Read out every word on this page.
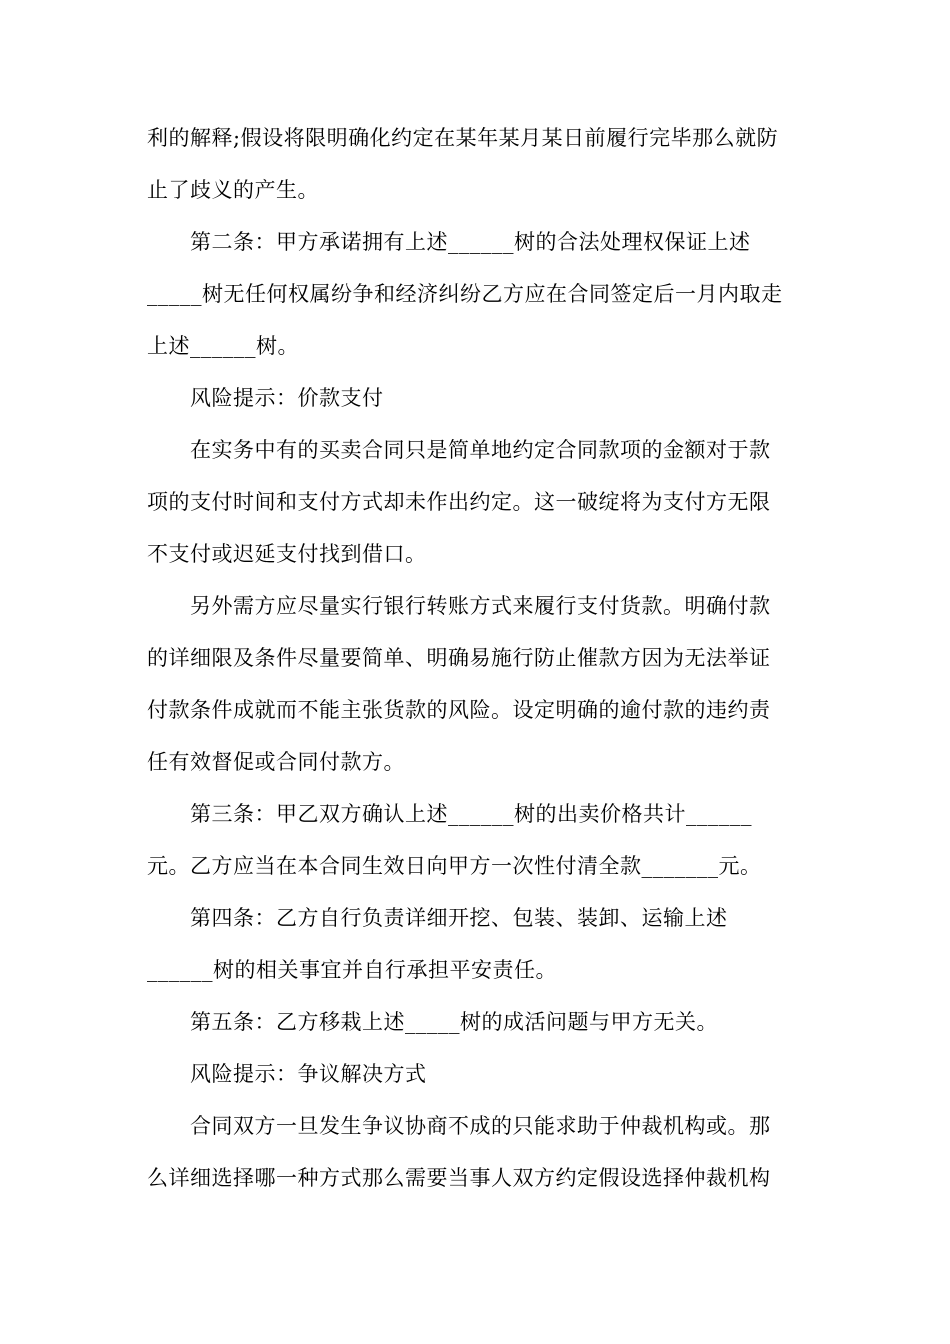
利的解释;假设将限明确化约定在某年某月某日前履行完毕那么就防
止了歧义的产生。
第二条：甲方承诺拥有上述______树的合法处理权保证上述
_____树无任何权属纷争和经济纠纷乙方应在合同签定后一月内取走
上述______树。
风险提示：价款支付
在实务中有的买卖合同只是简单地约定合同款项的金额对于款
项的支付时间和支付方式却未作出约定。这一破绽将为支付方无限
不支付或迟延支付找到借口。
另外需方应尽量实行银行转账方式来履行支付货款。明确付款
的详细限及条件尽量要简单、明确易施行防止催款方因为无法举证
付款条件成就而不能主张货款的风险。设定明确的逾付款的违约责
任有效督促或合同付款方。
第三条：甲乙双方确认上述______树的出卖价格共计______
元。乙方应当在本合同生效日向甲方一次性付清全款_______元。
第四条：乙方自行负责详细开挖、包装、装卸、运输上述
______树的相关事宜并自行承担平安责任。
第五条：乙方移栽上述_____树的成活问题与甲方无关。
风险提示：争议解决方式
合同双方一旦发生争议协商不成的只能求助于仲裁机构或。那
么详细选择哪一种方式那么需要当事人双方约定假设选择仲裁机构
